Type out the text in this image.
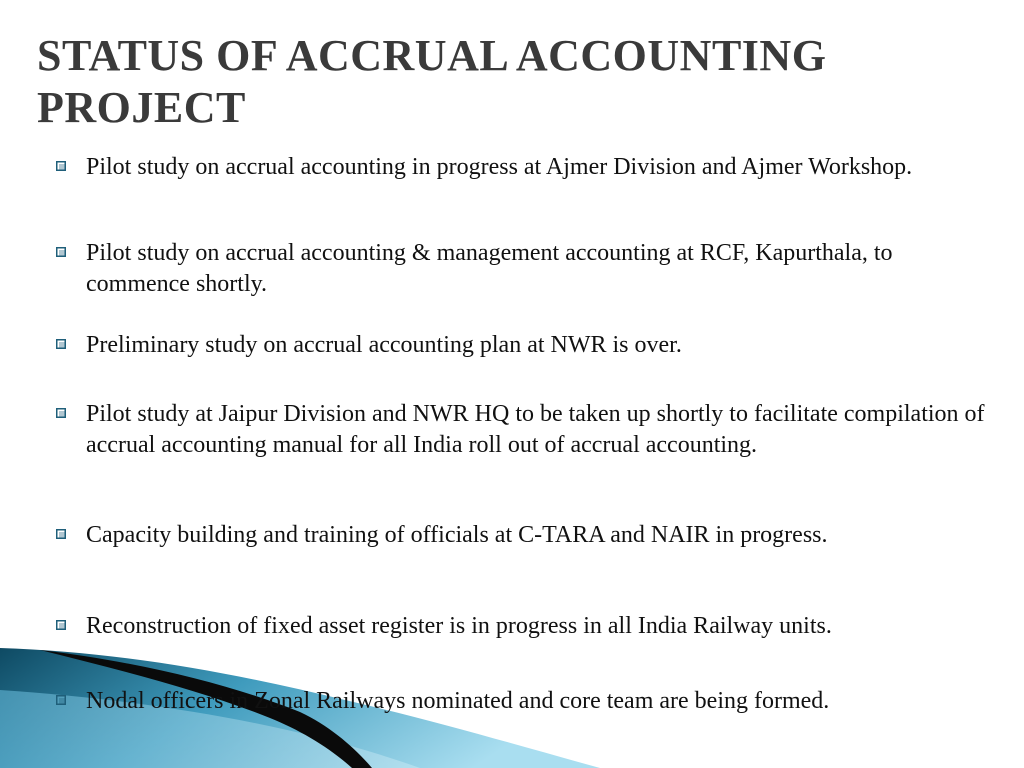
STATUS OF ACCRUAL ACCOUNTING PROJECT
Pilot study on accrual accounting in progress at Ajmer Division and Ajmer Workshop.
Pilot study on accrual accounting & management accounting at RCF, Kapurthala, to commence shortly.
Preliminary study on accrual accounting plan at NWR is over.
Pilot study at Jaipur Division and NWR HQ to be taken up shortly to facilitate compilation of accrual accounting manual for all India roll out of accrual accounting.
Capacity building and training of officials at C-TARA and NAIR in progress.
Reconstruction of fixed asset register is in progress in all India Railway units.
Nodal officers in Zonal Railways nominated and core team are being formed.
